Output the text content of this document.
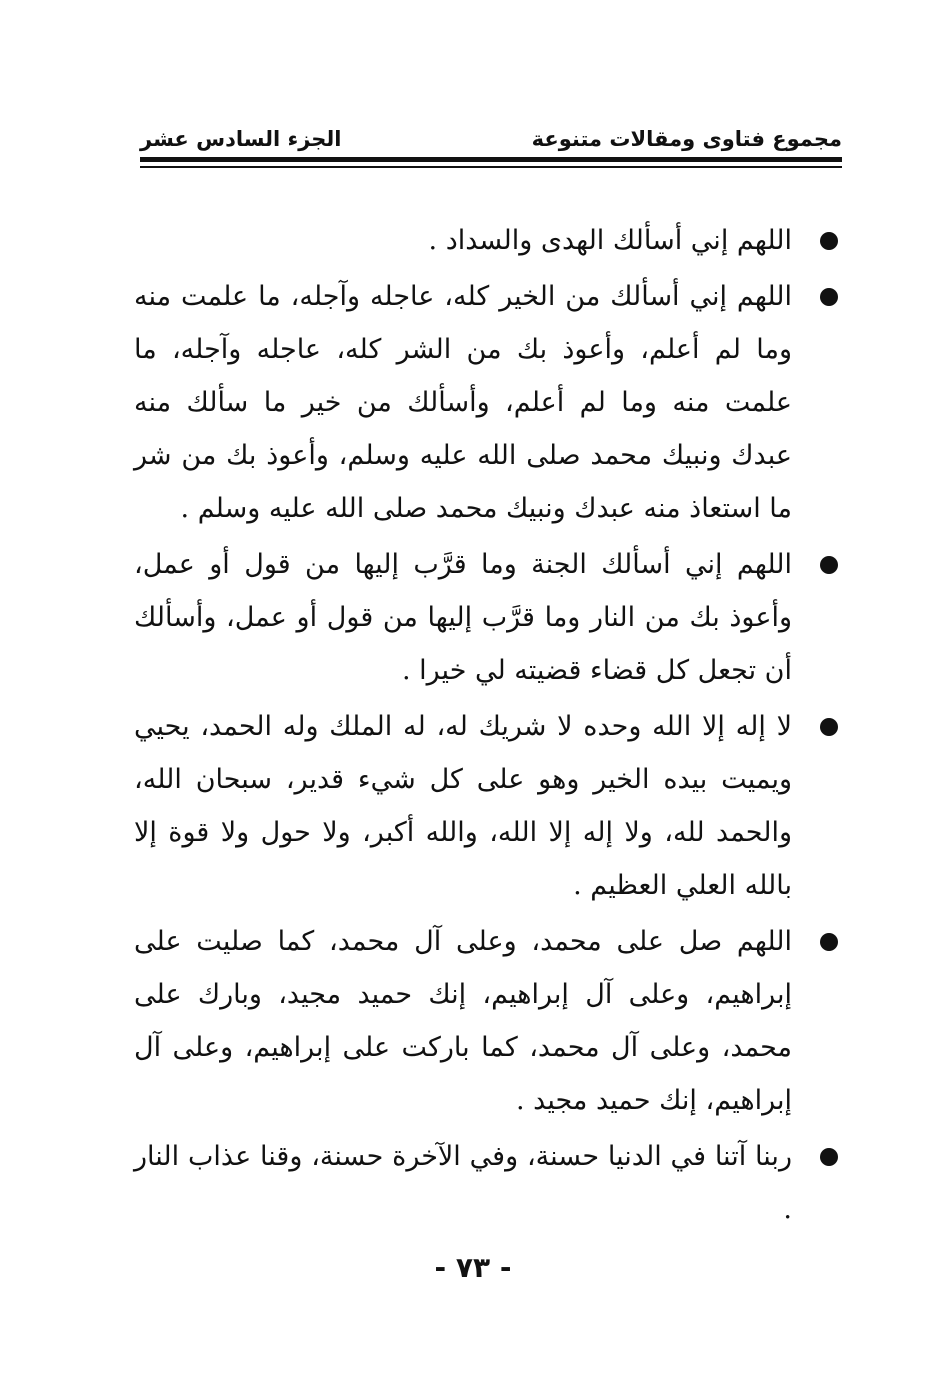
مجموع فتاوى ومقالات متنوعة
الجزء السادس عشر
اللهم إني أسألك الهدى والسداد .
اللهم إني أسألك من الخير كله، عاجله وآجله، ما علمت منه وما لم أعلم، وأعوذ بك من الشر كله، عاجله وآجله، ما علمت منه وما لم أعلم، وأسألك من خير ما سألك منه عبدك ونبيك محمد صلى الله عليه وسلم، وأعوذ بك من شر ما استعاذ منه عبدك ونبيك محمد صلى الله عليه وسلم .
اللهم إني أسألك الجنة وما قرَّب إليها من قول أو عمل، وأعوذ بك من النار وما قرَّب إليها من قول أو عمل، وأسألك أن تجعل كل قضاء قضيته لي خيرا .
لا إله إلا الله وحده لا شريك له، له الملك وله الحمد، يحيي ويميت بيده الخير وهو على كل شيء قدير، سبحان الله، والحمد لله، ولا إله إلا الله، والله أكبر، ولا حول ولا قوة إلا بالله العلي العظيم .
اللهم صل على محمد، وعلى آل محمد، كما صليت على إبراهيم، وعلى آل إبراهيم، إنك حميد مجيد، وبارك على محمد، وعلى آل محمد، كما باركت على إبراهيم، وعلى آل إبراهيم، إنك حميد مجيد .
ربنا آتنا في الدنيا حسنة، وفي الآخرة حسنة، وقنا عذاب النار .
- ٧٣ -
